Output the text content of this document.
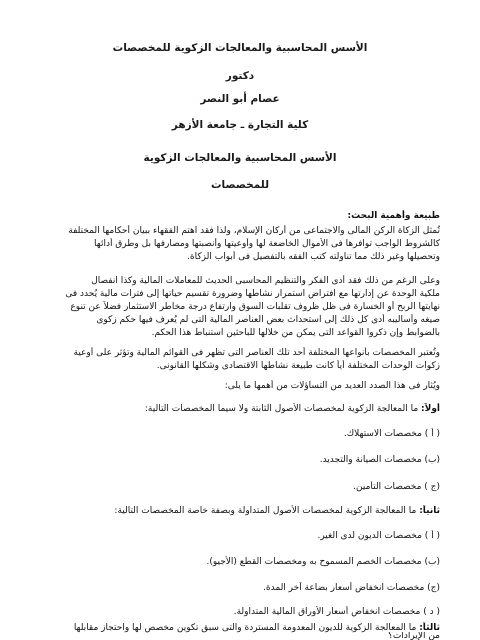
الأسس المحاسبية والمعالجات الزكوية للمخصصات
دكتور
عصام أبو النصر
كلية التجارة ـ جامعة الأزهر
الأسس المحاسبية والمعالجات الزكوية
للمخصصات
طبيعة وأهمية البحث:
تُمثل الزكاة الركن المالى والاجتماعى من أركان الإسلام، ولذا فقد اهتم الفقهاء ببيان أحكامها المختلفة
كالشروط الواجب توافرها فى الأموال الخاضعة لها وأوعيتها وأنصبتها ومصارفها بل وطرق أدائها
وتحصيلها وغير ذلك مما تناولته كتب الفقه بالتفصيل فى أبواب الزكاة.
وعلى الرغم من ذلك فقد أدى الفكر والتنظيم المحاسبى الحديث للمعاملات المالية وكذا انفصال
ملكية الوحدة عن إدارتها مع افتراض استمرار نشاطها وضرورة تقسيم حياتها إلى فترات مالية يُحدد فى
نهايتها الربح أو الخسارة فى ظل ظروف تقلبات السوق وارتفاع درجة مخاطر الاستثمار فضلاً عن تنوع
صيغه وأساليبه أدى كل ذلك إلى استحداث بعض العناصر المالية التى لم يُعرف فيها حكم زكوى
بالضوابط وإن ذكروا القواعد التى يمكن من خلالها للباحثين استنباط هذا الحكم.
وتُعتبر المخصصات بأنواعها المختلفة أحد تلك العناصر التى تظهر فى القوائم المالية وتؤثر على أوعية
زكوات الوحدات المختلفة أياً كانت طبيعة نشاطها الاقتصادى وشكلها القانونى.
ويُثار فى هذا الصدد العديد من التساؤلات من أهمها ما يلى:
أولاً: ما المعالجة الزكوية لمخصصات الأصول الثابتة ولا سيما المخصصات التالية:
( أ ) مخصصات الاستهلاك.
(ب) مخصصات الصيانة والتجديد.
(ج ) مخصصات التأمين.
ثانياً: ما المعالجة الزكوية لمخصصات الأصول المتداولة وبصفة خاصة المخصصات التالية:
( أ ) مخصصات الديون لدى الغير.
(ب) مخصصات الخصم المسموح به ومخصصات القطع (الأجيو).
(ج) مخصصات انخفاض أسعار بضاعة آخر المدة.
( د ) مخصصات انخفاض أسعار الأوراق المالية المتداولة.
ثالثاً: ما المعالجة الزكوية للديون المعدومة المستردة والتى سبق تكوين مخصص لها واحتجاز مقابلها
من الإيرادات؟
